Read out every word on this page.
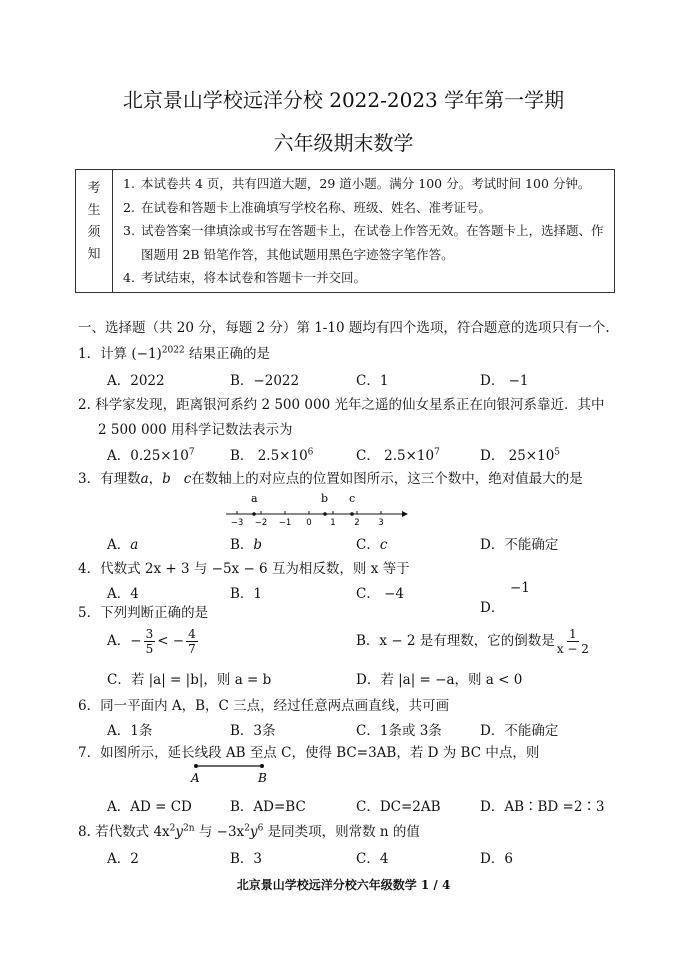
北京景山学校远洋分校 2022-2023 学年第一学期
六年级期末数学
考
生
须
知

1. 本试卷共 4 页，共有四道大题，29 道小题。满分 100 分。考试时间 100 分钟。
2. 在试卷和答题卡上准确填写学校名称、班级、姓名、准考证号。
3. 试卷答案一律填涂或书写在答题卡上，在试卷上作答无效。在答题卡上，选择题、作图题用 2B 铅笔作答，其他试题用黑色字迹签字笔作答。
4. 考试结束，将本试卷和答题卡一并交回。
一、选择题（共 20 分，每题 2 分）第 1-10 题均有四个选项，符合题意的选项只有一个.
1．计算 $(-1)^{2022}$ 结果正确的是
A．2022	B．−2022	C．1	D． −1
2. 科学家发现，距离银河系约 2 500 000 光年之遥的仙女星系正在向银河系靠近．其中
2 500 000 用科学记数法表示为
A．$0.25\times 10^7$	B． $2.5\times 10^6$	C． $2.5\times 10^7$	D． $25\times 10^5$
3．有理数a，b c在数轴上的对应点的位置如图所示，这三个数中，绝对值最大的是
a	b c
−3 −2 −1 0 1 2 3
A．a	B．b	C．c	D．不能确定
4．代数式 2x + 3 与 −5x − 6 互为相反数，则 x 等于
A．4	B．1	C． −4
D．
−1
5．下列判断正确的是
A．− $\frac{3}{5}$ < − $\frac{4}{7}$	B．x − 2 是有理数，它的倒数是 $\frac{1}{x - 2}$
C．若 |a| = |b|，则 a = b	D．若 |a| = −a，则 a < 0
6．同一平面内 A，B，C 三点，经过任意两点画直线，共可画
A．1条	B．3条	C．1条或 3条	D．不能确定
7．如图所示，延长线段 AB 至点 C，使得 BC=3AB，若 D 为 BC 中点，则
A	B
A．AD = CD	B．AD=BC	C．DC=2AB	D．AB∶BD =2∶3
8. 若代数式 $4x^2y^{2n}$ 与 $-3x^2y^6$ 是同类项，则常数 n 的值
A．2	B．3	C．4	D．6
北京景山学校远洋分校六年级数学 1 / 4
